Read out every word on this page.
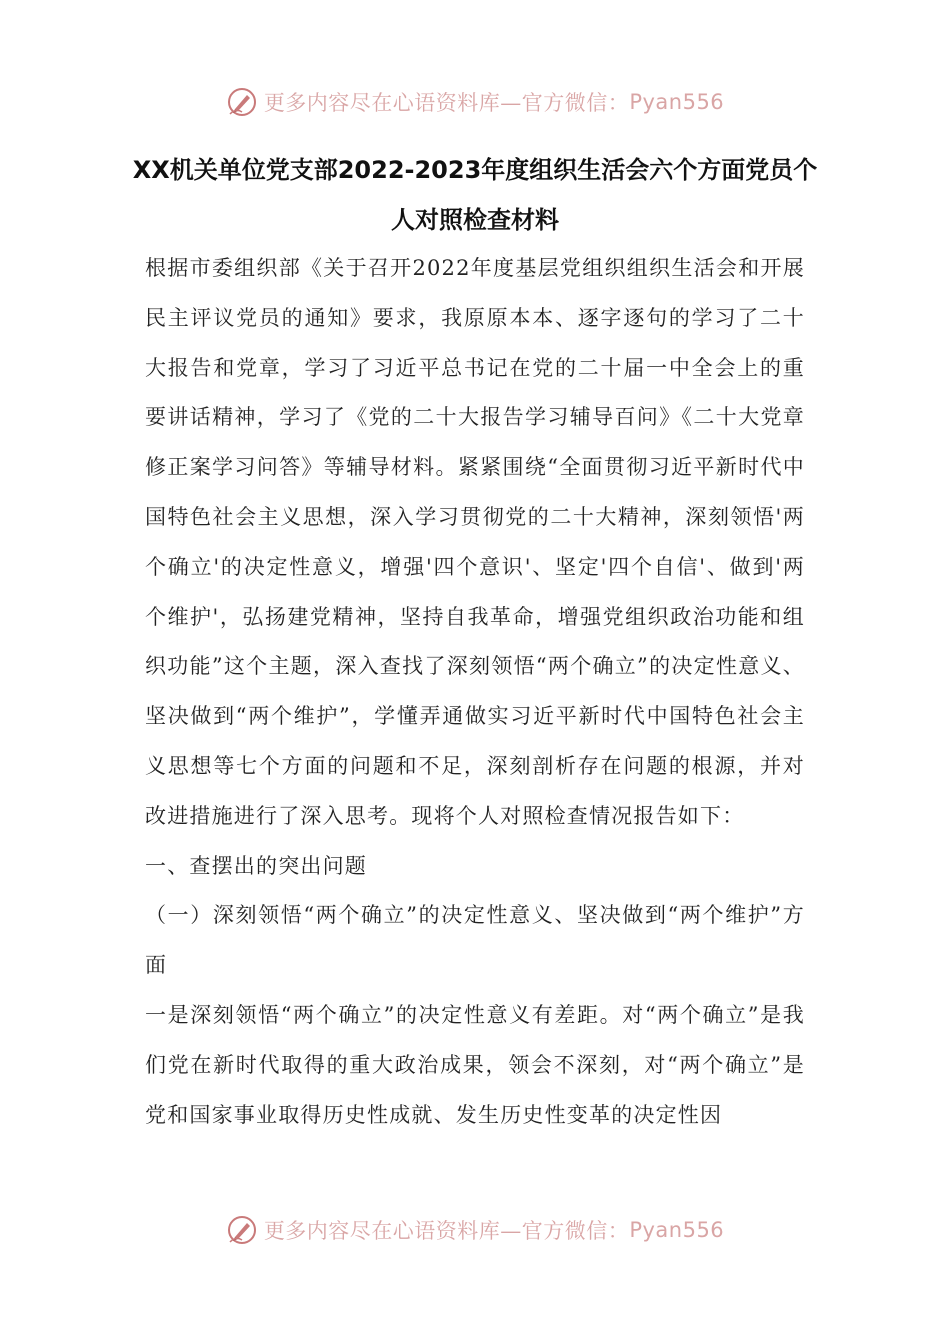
更多内容尽在心语资料库—官方微信： Pyan556
XX机关单位党支部2022-2023年度组织生活会六个方面党员个人对照检查材料

根据市委组织部《关于召开2022年度基层党组织组织生活会和开展民主评议党员的通知》要求，我原原本本、逐字逐句的学习了二十大报告和党章，学习了习近平总书记在党的二十届一中全会上的重要讲话精神，学习了《党的二十大报告学习辅导百问》《二十大党章修正案学习问答》等辅导材料。紧紧围绕“全面贯彻习近平新时代中国特色社会主义思想，深入学习贯彻党的二十大精神，深刻领悟'两个确立'的决定性意义，增强'四个意识'、坚定'四个自信'、做到'两个维护'，弘扬建党精神，坚持自我革命，增强党组织政治功能和组织功能”这个主题，深入查找了深刻领悟“两个确立”的决定性意义、坚决做到“两个维护”，学懂弄通做实习近平新时代中国特色社会主义思想等七个方面的问题和不足，深刻剖析存在问题的根源，并对改进措施进行了深入思考。现将个人对照检查情况报告如下：

一、查摆出的突出问题

（一）深刻领悟“两个确立”的决定性意义、坚决做到“两个维护”方面

一是深刻领悟“两个确立”的决定性意义有差距。对“两个确立”是我们党在新时代取得的重大政治成果，领会不深刻，对“两个确立”是党和国家事业取得历史性成就、发生历史性变革的决定性因

更多内容尽在心语资料库—官方微信： Pyan556
